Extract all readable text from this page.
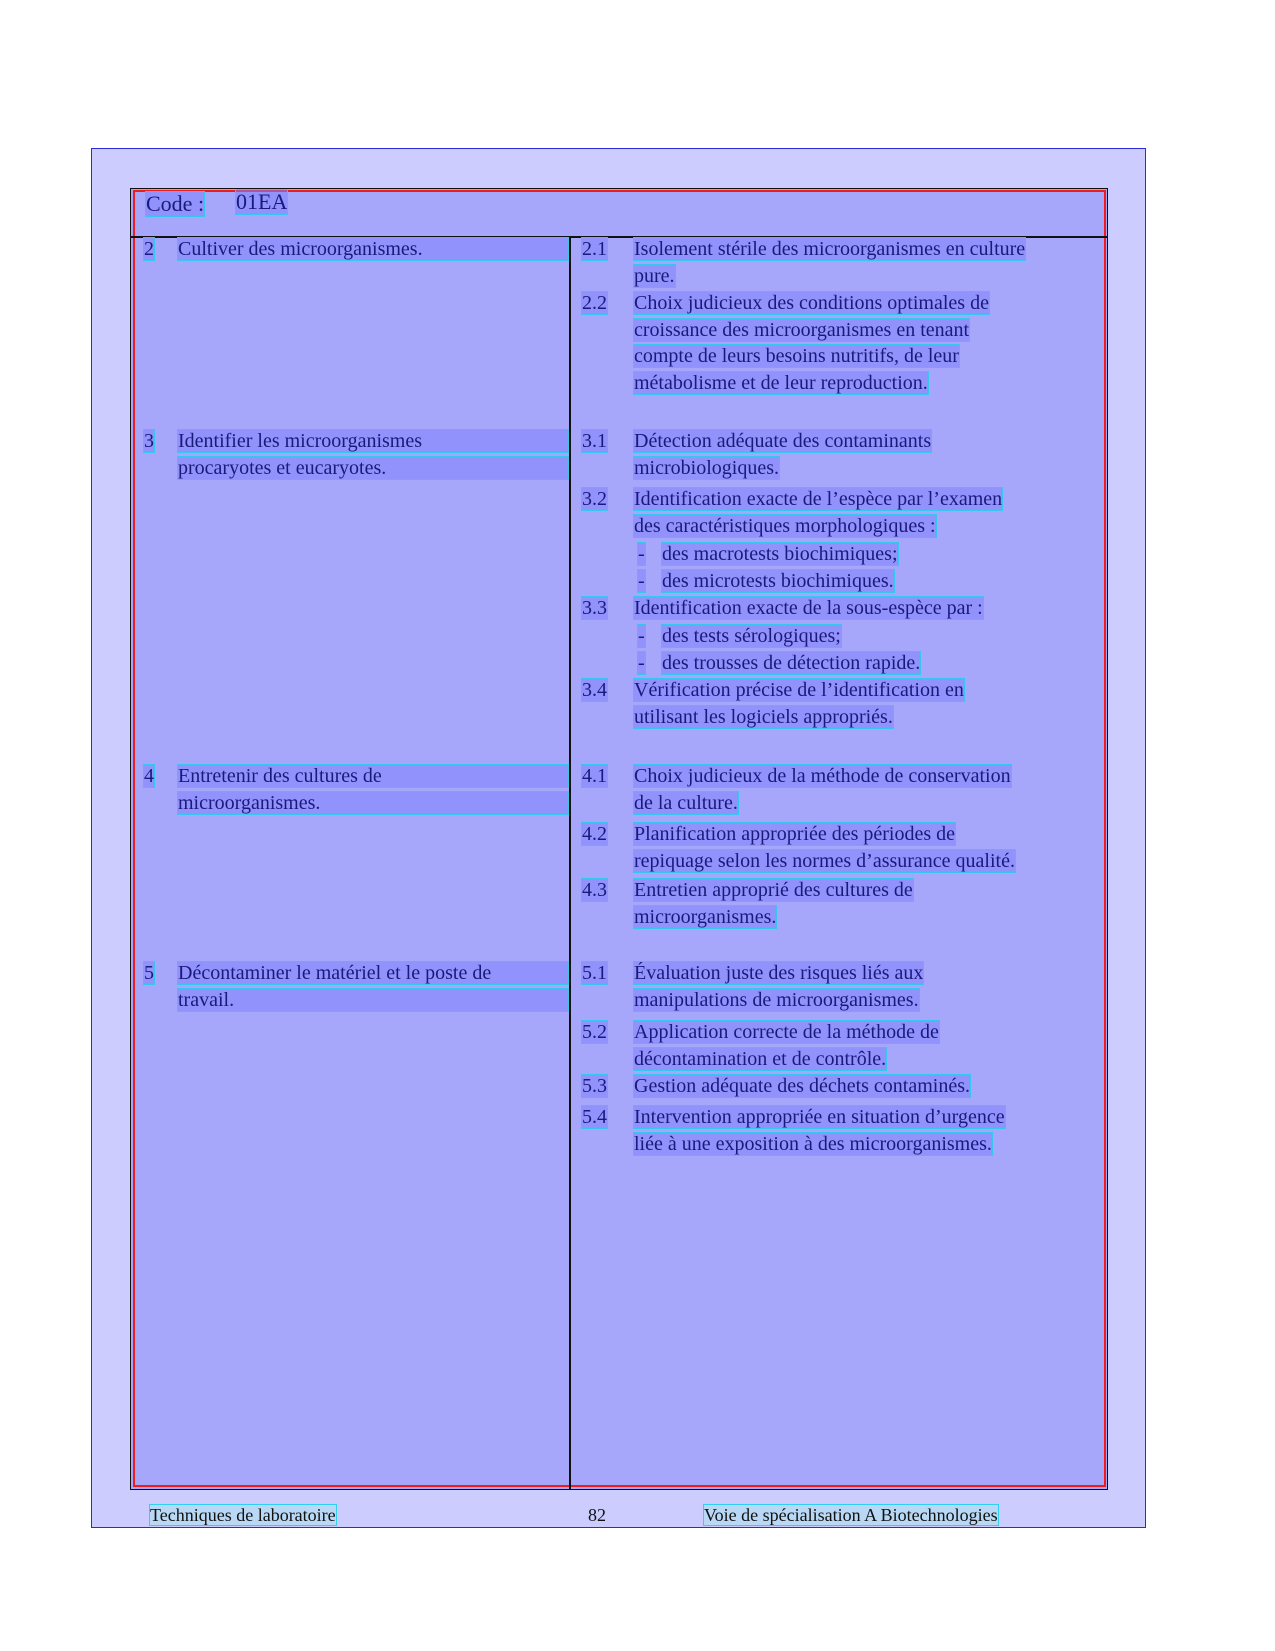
Code : 01EA
2 Cultiver des microorganismes.
3 Identifier les microorganismes
procaryotes et eucaryotes.
4 Entretenir des cultures de
microorganismes.
5 Décontaminer le matériel et le poste de
travail.
2.1 Isolement stérile des microorganismes en culture
pure.
2.2 Choix judicieux des conditions optimales de
croissance des microorganismes en tenant
compte de leurs besoins nutritifs, de leur
métabolisme et de leur reproduction.
3.1 Détection adéquate des contaminants
microbiologiques.
3.2 Identification exacte de l’espèce par l’examen
des caractéristiques morphologiques :
- des macrotests biochimiques;
- des microtests biochimiques.
3.3 Identification exacte de la sous-espèce par :
- des tests sérologiques;
- des trousses de détection rapide.
3.4 Vérification précise de l’identification en
utilisant les logiciels appropriés.
4.1 Choix judicieux de la méthode de conservation
de la culture.
4.2 Planification appropriée des périodes de
repiquage selon les normes d’assurance qualité.
4.3 Entretien approprié des cultures de
microorganismes.
5.1 Évaluation juste des risques liés aux
manipulations de microorganismes.
5.2 Application correcte de la méthode de
décontamination et de contrôle.
5.3 Gestion adéquate des déchets contaminés.
5.4 Intervention appropriée en situation d’urgence
liée à une exposition à des microorganismes.
Techniques de laboratoire	82	Voie de spécialisation A Biotechnologies
